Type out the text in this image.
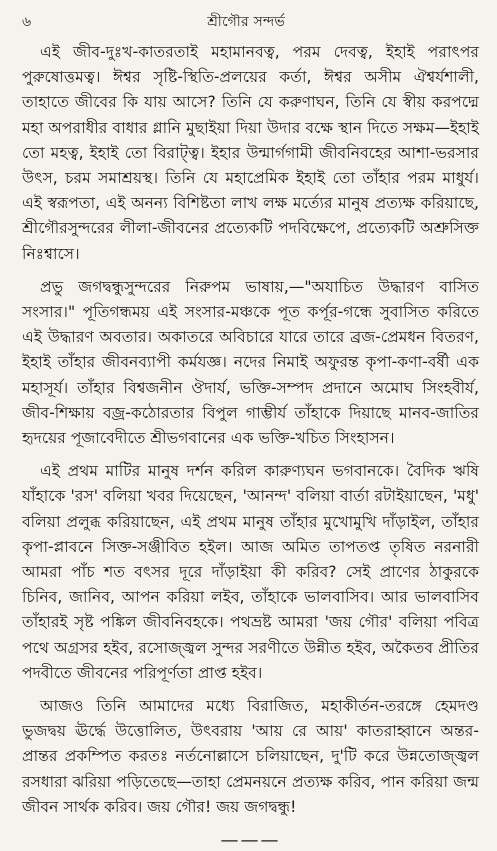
৬	শ্রীগৌর সন্দর্ভ

এই জীব-দুঃখ-কাতরতাই মহামানবত্ব, পরম দেবত্ব, ইহাই পরাৎপর পুরুষোত্তমত্ব। ঈশ্বর সৃষ্টি-স্থিতি-প্রলয়ের কর্তা, ঈশ্বর অসীম ঐশ্বর্যশালী, তাহাতে জীবের কি যায় আসে? তিনি যে করুণাঘন, তিনি যে স্বীয় করপদ্মে মহা অপরাধীর বাধার গ্লানি মুছাইয়া দিয়া উদার বক্ষে স্থান দিতে সক্ষম—ইহাই তো মহত্ব, ইহাই তো বিরাট্‌ত্ব। ইহার উন্মার্গগামী জীবনিবহের আশা-ভরসার উৎস, চরম সমাশ্রয়স্থ। তিনি যে মহাপ্রেমিক ইহাই তো তাঁহার পরম মাধুর্য। এই স্বরূপতা, এই অনন্য বিশিষ্টতা লাখ লক্ষ মর্ত্যের মানুষ প্রত্যক্ষ করিয়াছে, শ্রীগৌরসুন্দরের লীলা-জীবনের প্রত্যেকটি পদবিক্ষেপে, প্রত্যেকটি অশ্রুসিক্ত নিঃশ্বাসে।

প্রভু জগদ্বন্ধুসুন্দরের নিরুপম ভাষায়,—"অযাচিত উদ্ধারণ বাসিত সংসার।" পূতিগন্ধময় এই সংসার-মঞ্চকে পূত কর্পূর-গন্ধে সুবাসিত করিতে এই উদ্ধারণ অবতার। অকাতরে অবিচারে যারে তারে ব্রজ-প্রেমধন বিতরণ, ইহাই তাঁহার জীবনব্যাপী কর্মযজ্ঞ। নদের নিমাই অফুরন্ত কৃপা-কণা-বর্ষী এক মহাসূর্য। তাঁহার বিশ্বজনীন ঔদার্য, ভক্তি-সম্পদ প্রদানে অমোঘ সিংহবীর্য, জীব-শিক্ষায় বজ্র-কঠোরতার বিপুল গাম্ভীর্য তাঁহাকে দিয়াছে মানব-জাতির হৃদয়ের পূজাবেদীতে শ্রীভগবানের এক ভক্তি-খচিত সিংহাসন।

এই প্রথম মাটির মানুষ দর্শন করিল কারুণ্যঘন ভগবানকে। বৈদিক ঋষি যাঁহাকে 'রস' বলিয়া খবর দিয়েছেন, 'আনন্দ' বলিয়া বার্তা রটাইয়াছেন, 'মধু' বলিয়া প্রলুব্ধ করিয়াছেন, এই প্রথম মানুষ তাঁহার মুখোমুখি দাঁড়াইল, তাঁহার কৃপা-প্লাবনে সিক্ত-সঞ্জীবিত হইল। আজ অমিত তাপতপ্ত তৃষিত নরনারী আমরা পাঁচ শত বৎসর দূরে দাঁড়াইয়া কী করিব? সেই প্রাণের ঠাকুরকে চিনিব, জানিব, আপন করিয়া লইব, তাঁহাকে ভালবাসিব। আর ভালবাসিব তাঁহারই সৃষ্ট পঙ্কিল জীবনিবহকে। পথভ্রষ্ট আমরা 'জয় গৌর' বলিয়া পবিত্র পথে অগ্রসর হইব, রসোজ্জ্বল সুন্দর সরণীতে উন্নীত হইব, অকৈতব প্রীতির পদবীতে জীবনের পরিপূর্ণতা প্রাপ্ত হইব।

আজও তিনি আমাদের মধ্যে বিরাজিত, মহাকীর্তন-তরঙ্গে হেমদণ্ড ভুজদ্বয় ঊর্দ্ধে উত্তোলিত, উৎবরায় 'আয় রে আয়' কাতরাহ্বানে অন্তর-প্রান্তর প্রকম্পিত করতঃ নর্তনোল্লাসে চলিয়াছেন, দু'টি করে উন্নতোজ্জ্বল রসধারা ঝরিয়া পড়িতেছে—তাহা প্রেমনয়নে প্রত্যক্ষ করিব, পান করিয়া জন্ম জীবন সার্থক করিব। জয় গৌর! জয় জগদ্বন্ধু!

———
